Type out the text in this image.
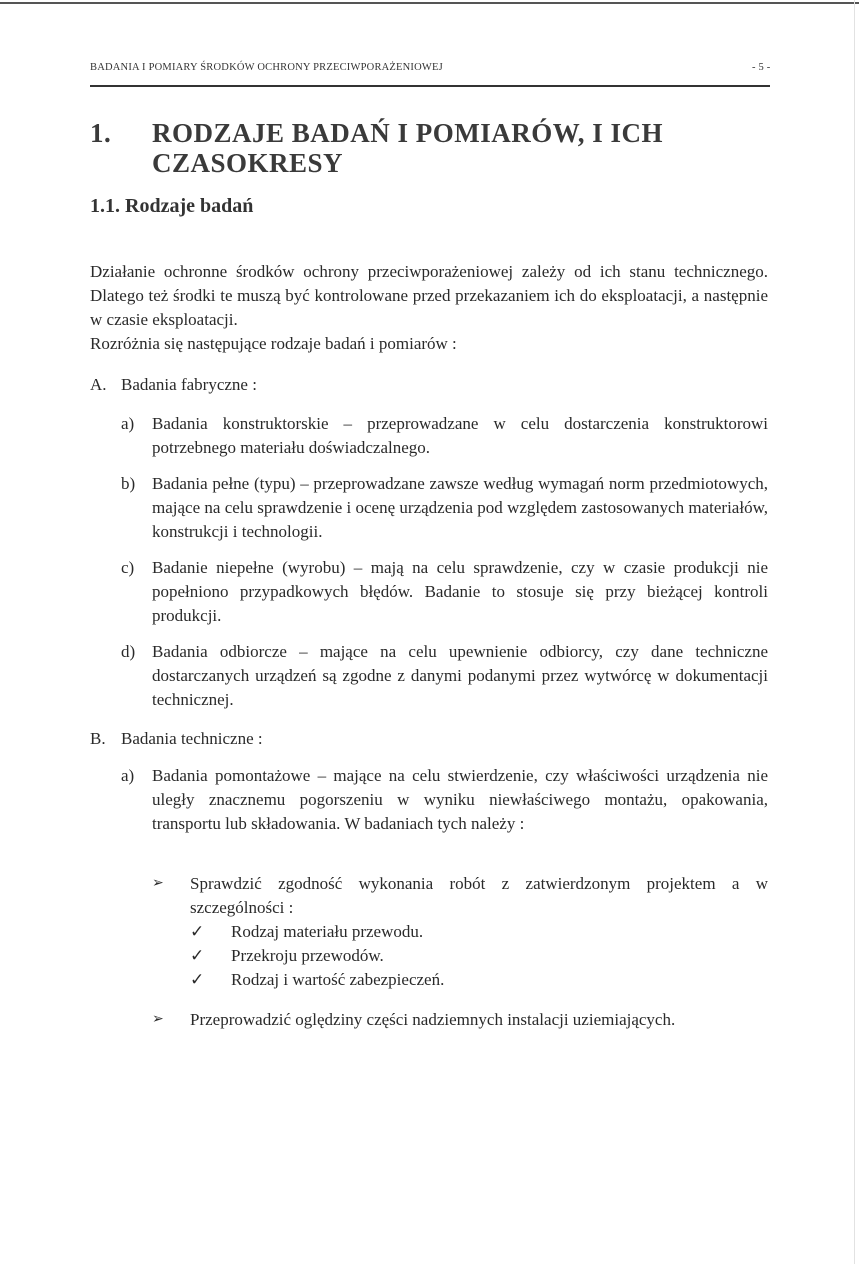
BADANIA I POMIARY ŚRODKÓW OCHRONY PRZECIWPORAŻENIOWEJ	- 5 -
1. RODZAJE BADAŃ I POMIARÓW, I ICH
CZASOKRESY
1.1. Rodzaje badań
Działanie ochronne środków ochrony przeciwporażeniowej zależy od ich stanu technicznego. Dlatego też środki te muszą być kontrolowane przed przekazaniem ich do eksploatacji, a następnie w czasie eksploatacji.
Rozróżnia się następujące rodzaje badań i pomiarów :
A. Badania fabryczne :
a) Badania konstruktorskie – przeprowadzane w celu dostarczenia konstruktorowi potrzebnego materiału doświadczalnego.
b) Badania pełne (typu) – przeprowadzane zawsze według wymagań norm przedmiotowych, mające na celu sprawdzenie i ocenę urządzenia pod względem zastosowanych materiałów, konstrukcji i technologii.
c) Badanie niepełne (wyrobu) – mają na celu sprawdzenie, czy w czasie produkcji nie popełniono przypadkowych błędów. Badanie to stosuje się przy bieżącej kontroli produkcji.
d) Badania odbiorcze – mające na celu upewnienie odbiorcy, czy dane techniczne dostarczanych urządzeń są zgodne z danymi podanymi przez wytwórcę w dokumentacji technicznej.
B. Badania techniczne :
a) Badania pomontażowe – mające na celu stwierdzenie, czy właściwości urządzenia nie uległy znacznemu pogorszeniu w wyniku niewłaściwego montażu, opakowania, transportu lub składowania. W badaniach tych należy :
➢ Sprawdzić zgodność wykonania robót z zatwierdzonym projektem a w szczególności :
✓ Rodzaj materiału przewodu.
✓ Przekroju przewodów.
✓ Rodzaj i wartość zabezpieczeń.
➢ Przeprowadzić oględziny części nadziemnych instalacji uziemiających.
